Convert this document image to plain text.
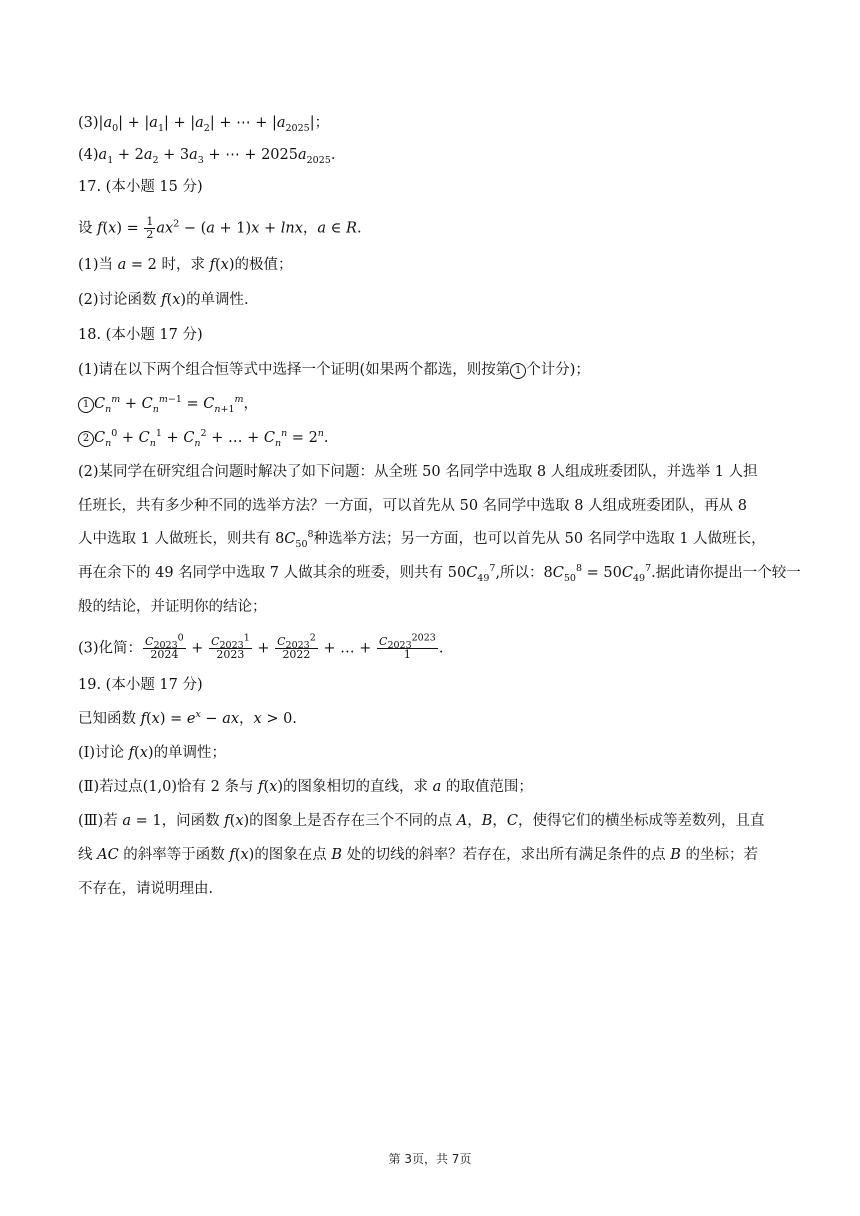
$(3)|a_0| + |a_1| + |a_2|$ + ⋯ + $|a_{2025}|$；
$(4)a_1 + 2a_2 + 3a_3$ + ⋯ + $2025a_{2025}$.
17. (本小题 15 分)
设 $f(x) = \frac{1}{2} ax^2 - (a + 1)x + \ln x$，a ∈ R.
(1)当 a = 2 时，求 f(x)的极值；
(2)讨论函数 f(x)的单调性.
18. (本小题 17 分)
(1)请在以下两个组合恒等式中选择一个证明(如果两个都选，则按第 1 个计分)；
1 $C_n^m + C_n^{m-1} = C_{n+1}^m$，
2 $C_n^0 + C_n^1 + C_n^2$ + … + $C_n^n = 2^n$.
(2)某同学在研究组合问题时解决了如下问题：从全班 50 名同学中选取 8 人组成班委团队，并选举 1 人担
任班长，共有多少种不同的选举方法？一方面，可以首先从 50 名同学中选取 8 人组成班委团队，再从 8
人中选取 1 人做班长，则共有 $8C_{50}^8$种选举方法；另一方面，也可以首先从 50 名同学中选取 1 人做班长，
再在余下的 49 名同学中选取 7 人做其余的班委，则共有 $50C_{49}^7$,所以：$8C_{50}^8 = 50C_{49}^7$.据此请你提出一个较一
般的结论，并证明你的结论；
(3)化简： $\frac{C_{2023}^0}{2024} + \frac{C_{2023}^1}{2023} + \frac{C_{2023}^2}{2022}$ + … + $\frac{C_{2023}^{2023}}{1}$ .
19. (本小题 17 分)
已知函数 $f(x) = e^x$ − ax，x > 0.
(Ⅰ)讨论 f(x)的单调性；
(Ⅱ)若过点(1,0)恰有 2 条与 f(x)的图象相切的直线，求 a 的取值范围；
(Ⅲ)若 a = 1，问函数 f(x)的图象上是否存在三个不同的点 A，B，C，使得它们的横坐标成等差数列，且直
线 AC 的斜率等于函数 f(x)的图象在点 B 处的切线的斜率？若存在，求出所有满足条件的点 B 的坐标；若
不存在，请说明理由.
第 3页，共 7页
